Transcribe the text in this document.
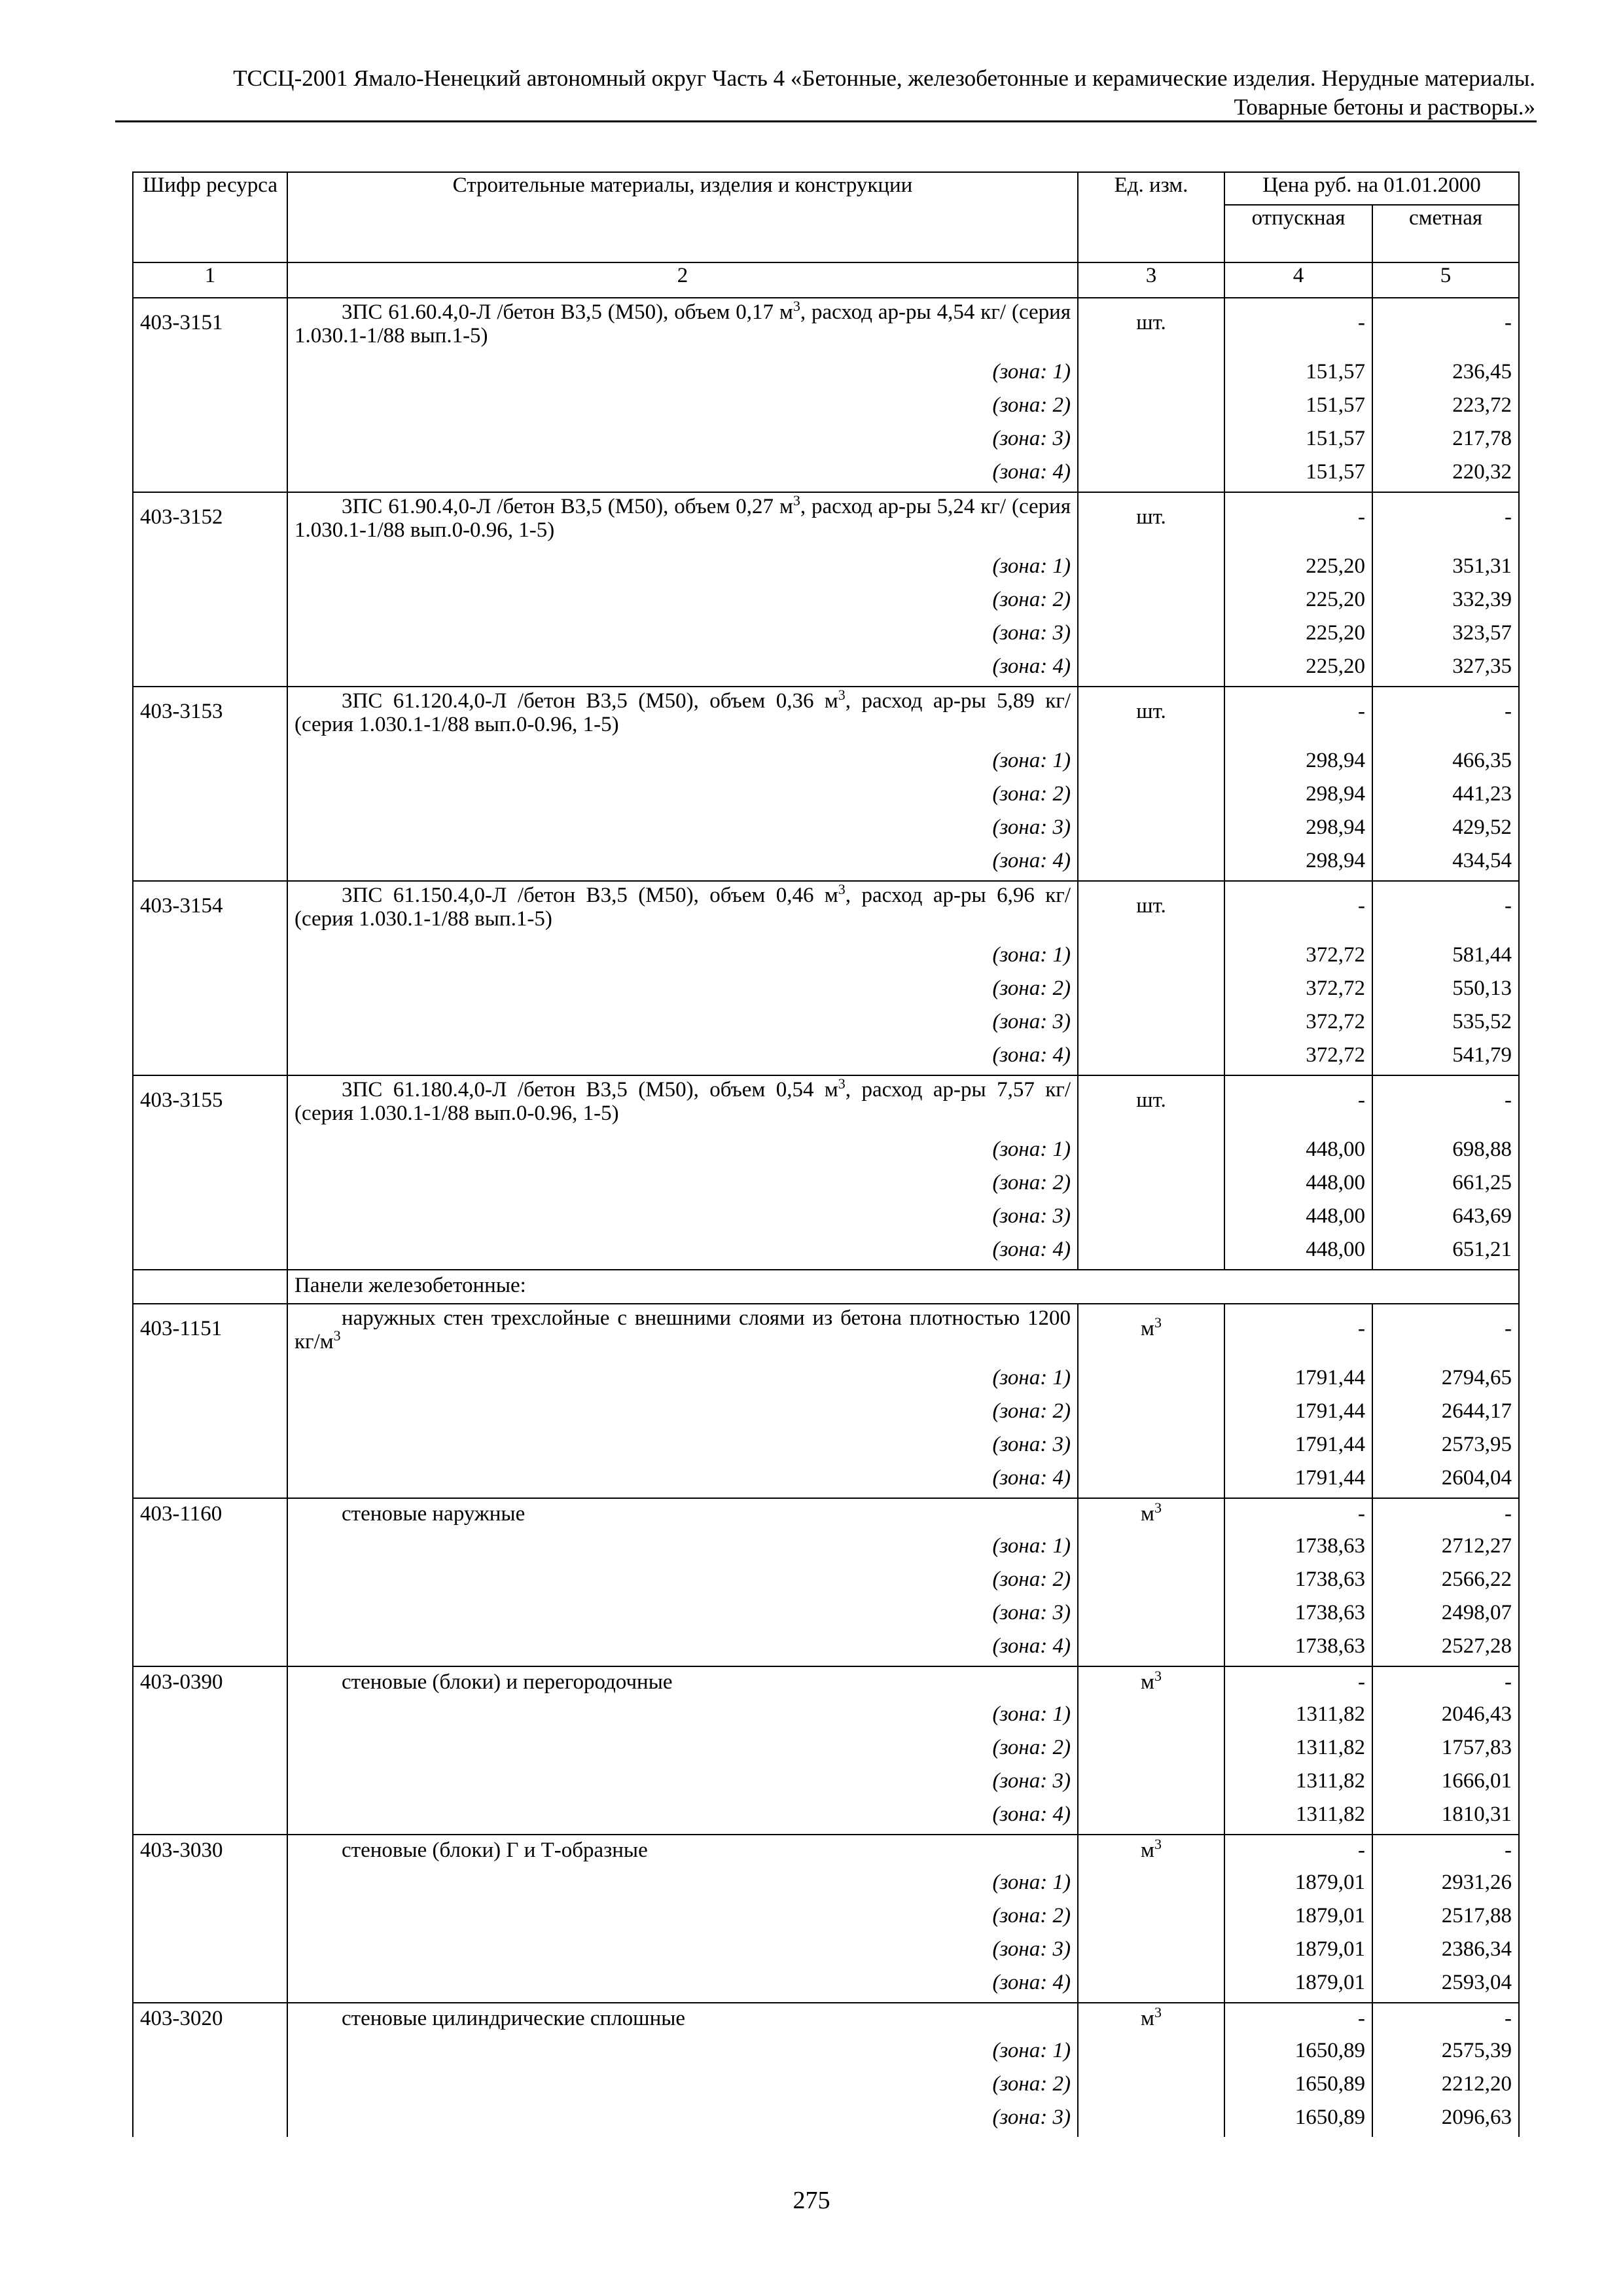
ТССЦ-2001 Ямало-Ненецкий автономный округ Часть 4 «Бетонные, железобетонные и керамические изделия. Нерудные материалы.
Товарные бетоны и растворы.»
Шифр ресурса	Строительные материалы, изделия и конструкции	Ед. изм.	Цена руб. на 01.01.2000	
			отпускная	сметная
1	2	3	4	5
403-3151	3ПС 61.60.4,0-Л /бетон В3,5 (М50), объем 0,17 $м^3$, расход ар-ры 4,54 кг/ (серия 1.030.1-1/88 вып.1-5)	шт.	-	-
	(зона: 1)		151,57	236,45
	(зона: 2)		151,57	223,72
	(зона: 3)		151,57	217,78
	(зона: 4)		151,57	220,32
403-3152	3ПС 61.90.4,0-Л /бетон В3,5 (М50), объем 0,27 $м^3$, расход ар-ры 5,24 кг/ (серия 1.030.1-1/88 вып.0-0.96, 1-5)	шт.	-	-
	(зона: 1)		225,20	351,31
	(зона: 2)		225,20	332,39
	(зона: 3)		225,20	323,57
	(зона: 4)		225,20	327,35
403-3153	3ПС 61.120.4,0-Л /бетон В3,5 (М50), объем 0,36 $м^3$, расход ар-ры 5,89 кг/ (серия 1.030.1-1/88 вып.0-0.96, 1-5)	шт.	-	-
	(зона: 1)		298,94	466,35
	(зона: 2)		298,94	441,23
	(зона: 3)		298,94	429,52
	(зона: 4)		298,94	434,54
403-3154	3ПС 61.150.4,0-Л /бетон В3,5 (М50), объем 0,46 $м^3$, расход ар-ры 6,96 кг/ (серия 1.030.1-1/88 вып.1-5)	шт.	-	-
	(зона: 1)		372,72	581,44
	(зона: 2)		372,72	550,13
	(зона: 3)		372,72	535,52
	(зона: 4)		372,72	541,79
403-3155	3ПС 61.180.4,0-Л /бетон В3,5 (М50), объем 0,54 $м^3$, расход ар-ры 7,57 кг/ (серия 1.030.1-1/88 вып.0-0.96, 1-5)	шт.	-	-
	(зона: 1)		448,00	698,88
	(зона: 2)		448,00	661,25
	(зона: 3)		448,00	643,69
	(зона: 4)		448,00	651,21
	Панели железобетонные:			
403-1151	наружных стен трехслойные с внешними слоями из бетона плотностью 1200 $кг/м^3$	$м^3$	-	-
	(зона: 1)		1791,44	2794,65
	(зона: 2)		1791,44	2644,17
	(зона: 3)		1791,44	2573,95
	(зона: 4)		1791,44	2604,04
403-1160	стеновые наружные	$м^3$	-	-
	(зона: 1)		1738,63	2712,27
	(зона: 2)		1738,63	2566,22
	(зона: 3)		1738,63	2498,07
	(зона: 4)		1738,63	2527,28
403-0390	стеновые (блоки) и перегородочные	$м^3$	-	-
	(зона: 1)		1311,82	2046,43
	(зона: 2)		1311,82	1757,83
	(зона: 3)		1311,82	1666,01
	(зона: 4)		1311,82	1810,31
403-3030	стеновые (блоки) Г и Т-образные	$м^3$	-	-
	(зона: 1)		1879,01	2931,26
	(зона: 2)		1879,01	2517,88
	(зона: 3)		1879,01	2386,34
	(зона: 4)		1879,01	2593,04
403-3020	стеновые цилиндрические сплошные	$м^3$	-	-
	(зона: 1)		1650,89	2575,39
	(зона: 2)		1650,89	2212,20
	(зона: 3)		1650,89	2096,63
275
